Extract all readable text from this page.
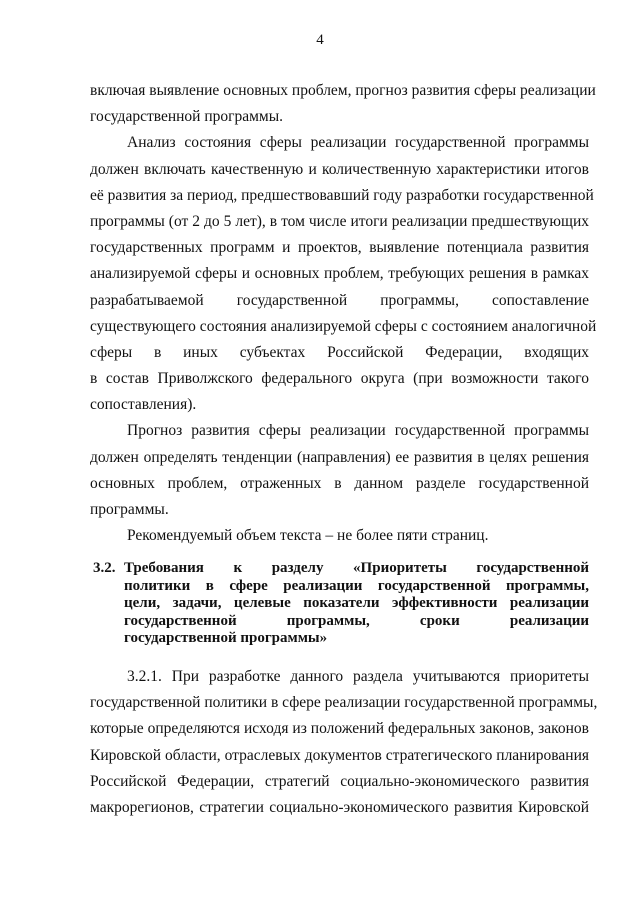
4
включая выявление основных проблем, прогноз развития сферы реализации
государственной программы.
Анализ состояния сферы реализации государственной программы
должен включать качественную и количественную характеристики итогов
её развития за период, предшествовавший году разработки государственной
программы (от 2 до 5 лет), в том числе итоги реализации предшествующих
государственных программ и проектов, выявление потенциала развития
анализируемой сферы и основных проблем, требующих решения в рамках
разрабатываемой государственной программы, сопоставление
существующего состояния анализируемой сферы с состоянием аналогичной
сферы в иных субъектах Российской Федерации, входящих
в состав Приволжского федерального округа (при возможности такого
сопоставления).
Прогноз развития сферы реализации государственной программы
должен определять тенденции (направления) ее развития в целях решения
основных проблем, отраженных в данном разделе государственной
программы.
Рекомендуемый объем текста – не более пяти страниц.
3.2. Требования к разделу «Приоритеты государственной
политики в сфере реализации государственной программы,
цели, задачи, целевые показатели эффективности реализации
государственной программы, сроки реализации
государственной программы»
3.2.1. При разработке данного раздела учитываются приоритеты
государственной политики в сфере реализации государственной программы,
которые определяются исходя из положений федеральных законов, законов
Кировской области, отраслевых документов стратегического планирования
Российской Федерации, стратегий социально-экономического развития
макрорегионов, стратегии социально-экономического развития Кировской
